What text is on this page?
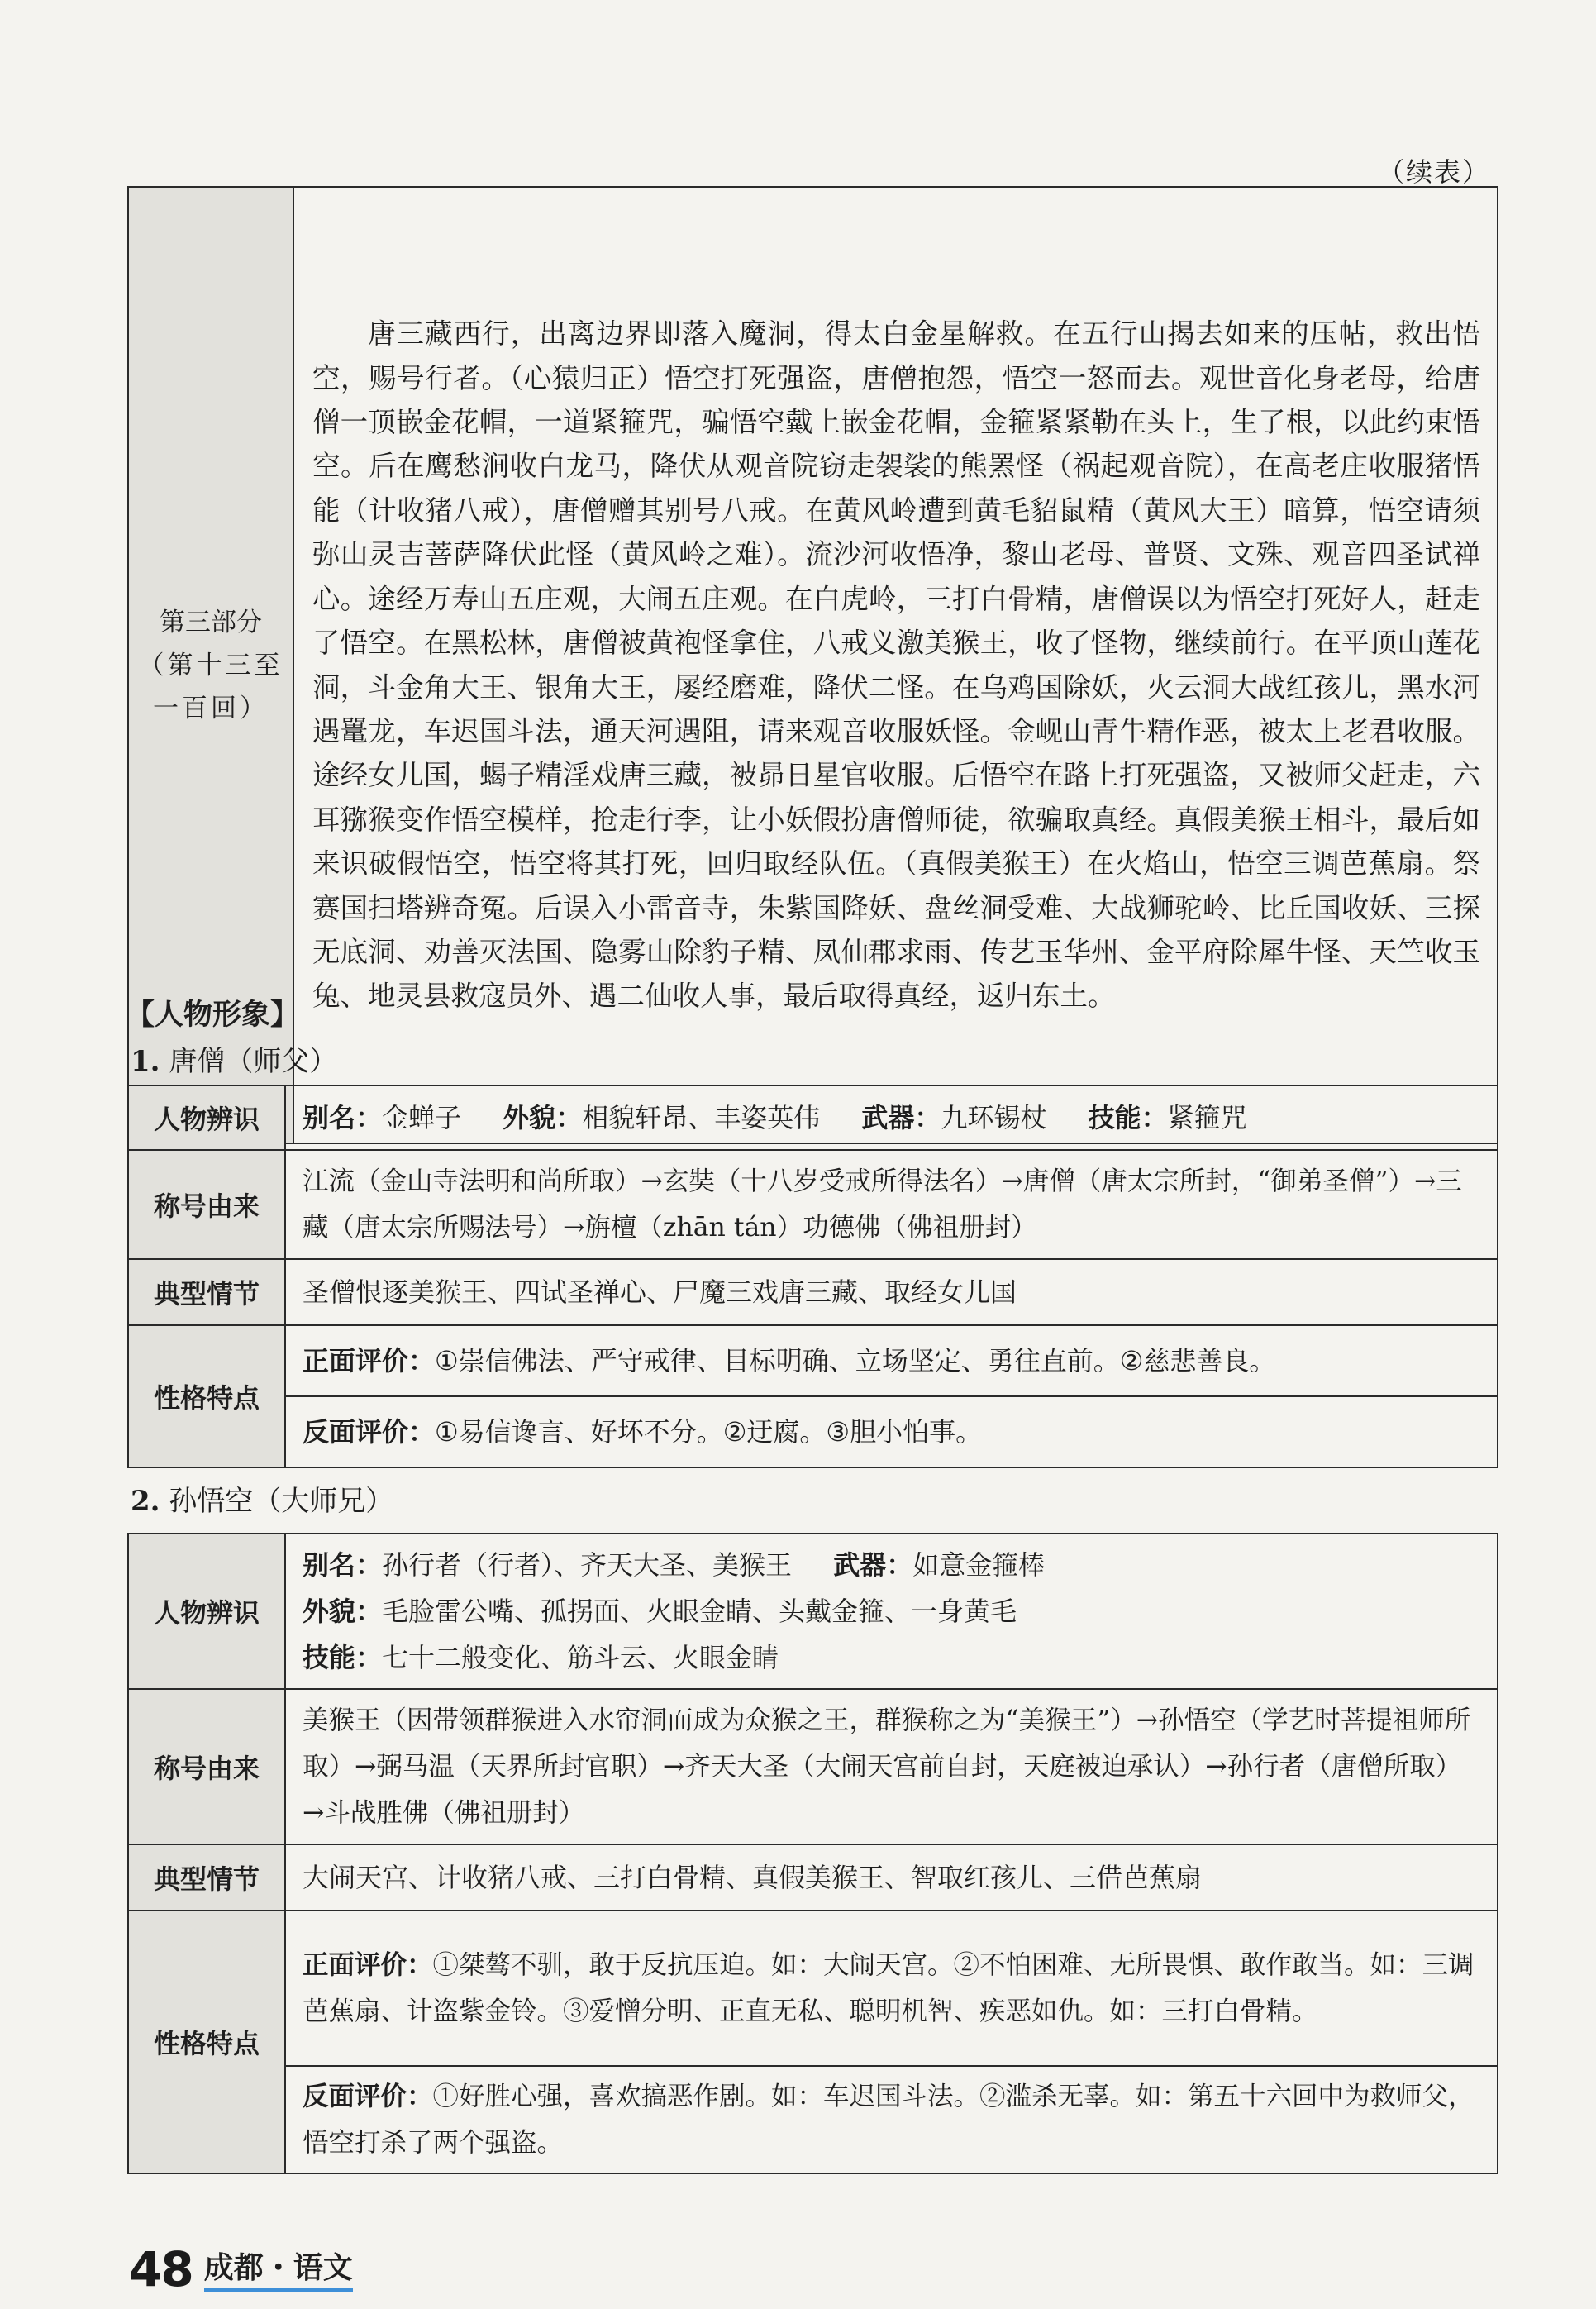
（续表）
第三部分
（第十三至一百回）

唐三藏西行，出离边界即落入魔洞，得太白金星解救。在五行山揭去如来的压帖，救出悟空，赐号行者。（心猿归正）悟空打死强盗，唐僧抱怨，悟空一怒而去。观世音化身老母，给唐僧一顶嵌金花帽，一道紧箍咒，骗悟空戴上嵌金花帽，金箍紧紧勒在头上，生了根，以此约束悟空。后在鹰愁涧收白龙马，降伏从观音院窃走袈裟的熊罴怪（祸起观音院），在高老庄收服猪悟能（计收猪八戒），唐僧赠其别号八戒。在黄风岭遭到黄毛貂鼠精（黄风大王）暗算，悟空请须弥山灵吉菩萨降伏此怪（黄风岭之难）。流沙河收悟净，黎山老母、普贤、文殊、观音四圣试禅心。途经万寿山五庄观，大闹五庄观。在白虎岭，三打白骨精，唐僧误以为悟空打死好人，赶走了悟空。在黑松林，唐僧被黄袍怪拿住，八戒义激美猴王，收了怪物，继续前行。在平顶山莲花洞，斗金角大王、银角大王，屡经磨难，降伏二怪。在乌鸡国除妖，火云洞大战红孩儿，黑水河遇鼍龙，车迟国斗法，通天河遇阻，请来观音收服妖怪。金岘山青牛精作恶，被太上老君收服。途经女儿国，蝎子精淫戏唐三藏，被昴日星官收服。后悟空在路上打死强盗，又被师父赶走，六耳猕猴变作悟空模样，抢走行李，让小妖假扮唐僧师徒，欲骗取真经。真假美猴王相斗，最后如来识破假悟空，悟空将其打死，回归取经队伍。（真假美猴王）在火焰山，悟空三调芭蕉扇。祭赛国扫塔辨奇冤。后误入小雷音寺，朱紫国降妖、盘丝洞受难、大战狮驼岭、比丘国收妖、三探无底洞、劝善灭法国、隐雾山除豹子精、凤仙郡求雨、传艺玉华州、金平府除犀牛怪、天竺收玉兔、地灵县救寇员外、遇二仙收人事，最后取得真经，返归东土。

【人物形象】
1. 唐僧（师父）
人物辨识	别名：金蝉子 外貌：相貌轩昂、丰姿英伟 武器：九环锡杖 技能：紧箍咒
称号由来	江流（金山寺法明和尚所取）→玄奘（十八岁受戒所得法名）→唐僧（唐太宗所封，“御弟圣僧”）→三藏（唐太宗所赐法号）→旃檀（zhān tán）功德佛（佛祖册封）
典型情节	圣僧恨逐美猴王、四试圣禅心、尸魔三戏唐三藏、取经女儿国
性格特点	正面评价：①崇信佛法、严守戒律、目标明确、立场坚定、勇往直前。②慈悲善良。
	反面评价：①易信谗言、好坏不分。②迂腐。③胆小怕事。
2. 孙悟空（大师兄）
人物辨识	别名：孙行者（行者）、齐天大圣、美猴王 武器：如意金箍棒
外貌：毛脸雷公嘴、孤拐面、火眼金睛、头戴金箍、一身黄毛
技能：七十二般变化、筋斗云、火眼金睛

称号由来	美猴王（因带领群猴进入水帘洞而成为众猴之王，群猴称之为“美猴王”）→孙悟空（学艺时菩提祖师所取）→弼马温（天界所封官职）→齐天大圣（大闹天宫前自封，天庭被迫承认）→孙行者（唐僧所取）→斗战胜佛（佛祖册封）
典型情节	大闹天宫、计收猪八戒、三打白骨精、真假美猴王、智取红孩儿、三借芭蕉扇
性格特点	正面评价：①桀骜不驯，敢于反抗压迫。如：大闹天宫。②不怕困难、无所畏惧、敢作敢当。如：三调芭蕉扇、计盗紫金铃。③爱憎分明、正直无私、聪明机智、疾恶如仇。如：三打白骨精。
	反面评价：①好胜心强，喜欢搞恶作剧。如：车迟国斗法。②滥杀无辜。如：第五十六回中为救师父，悟空打杀了两个强盗。
48 成都・语文
